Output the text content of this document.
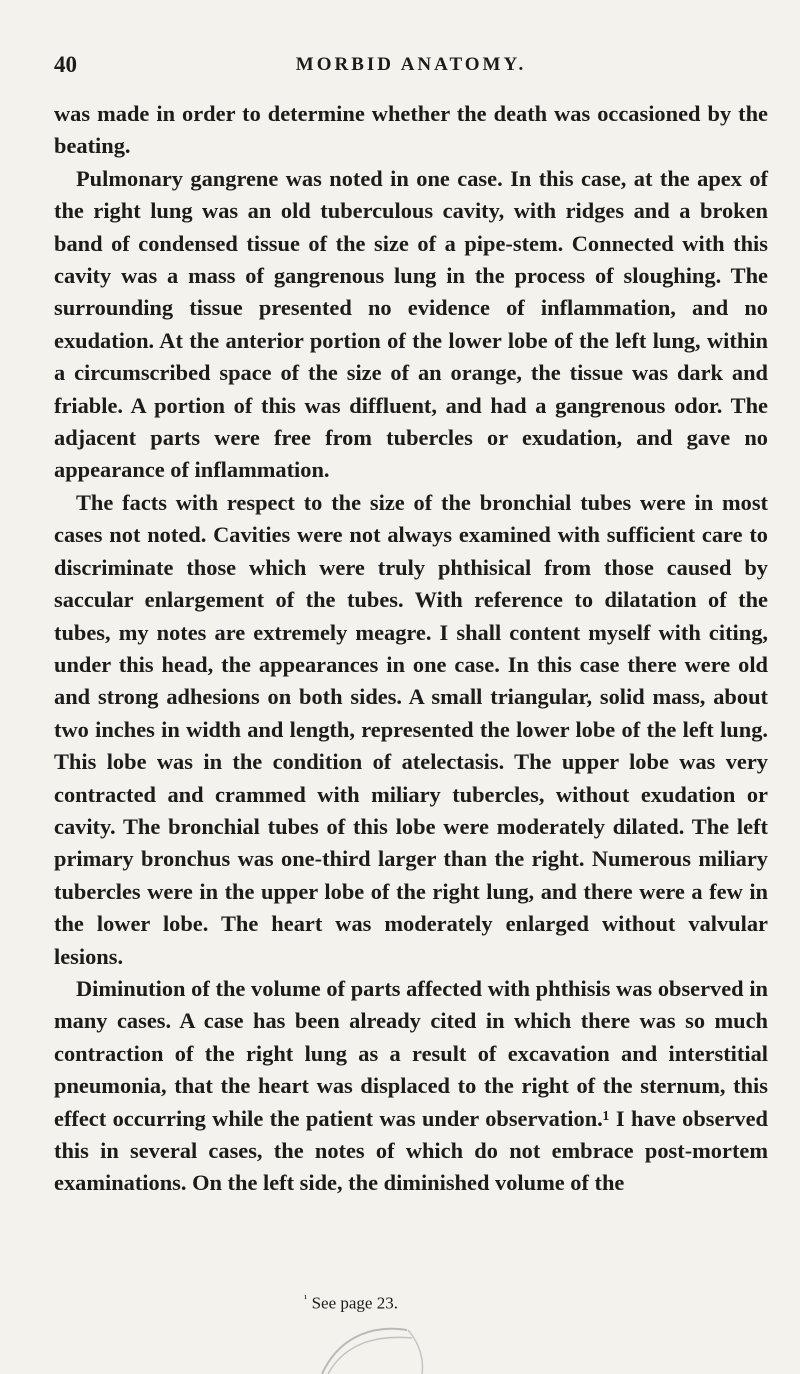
40	MORBID ANATOMY.

was made in order to determine whether the death was occasioned by the beating.

Pulmonary gangrene was noted in one case. In this case, at the apex of the right lung was an old tuberculous cavity, with ridges and a broken band of condensed tissue of the size of a pipe-stem. Connected with this cavity was a mass of gangrenous lung in the process of sloughing. The surrounding tissue presented no evidence of inflammation, and no exudation. At the anterior portion of the lower lobe of the left lung, within a circumscribed space of the size of an orange, the tissue was dark and friable. A portion of this was diffluent, and had a gangrenous odor. The adjacent parts were free from tubercles or exudation, and gave no appearance of inflammation.

The facts with respect to the size of the bronchial tubes were in most cases not noted. Cavities were not always examined with sufficient care to discriminate those which were truly phthisical from those caused by saccular enlargement of the tubes. With reference to dilatation of the tubes, my notes are extremely meagre. I shall content myself with citing, under this head, the appearances in one case. In this case there were old and strong adhesions on both sides. A small triangular, solid mass, about two inches in width and length, represented the lower lobe of the left lung. This lobe was in the condition of atelectasis. The upper lobe was very contracted and crammed with miliary tubercles, without exudation or cavity. The bronchial tubes of this lobe were moderately dilated. The left primary bronchus was one-third larger than the right. Numerous miliary tubercles were in the upper lobe of the right lung, and there were a few in the lower lobe. The heart was moderately enlarged without valvular lesions.

Diminution of the volume of parts affected with phthisis was observed in many cases. A case has been already cited in which there was so much contraction of the right lung as a result of excavation and interstitial pneumonia, that the heart was displaced to the right of the sternum, this effect occurring while the patient was under observation.¹ I have observed this in several cases, the notes of which do not embrace post-mortem examinations. On the left side, the diminished volume of the

$^{^1}$ See page 23.
